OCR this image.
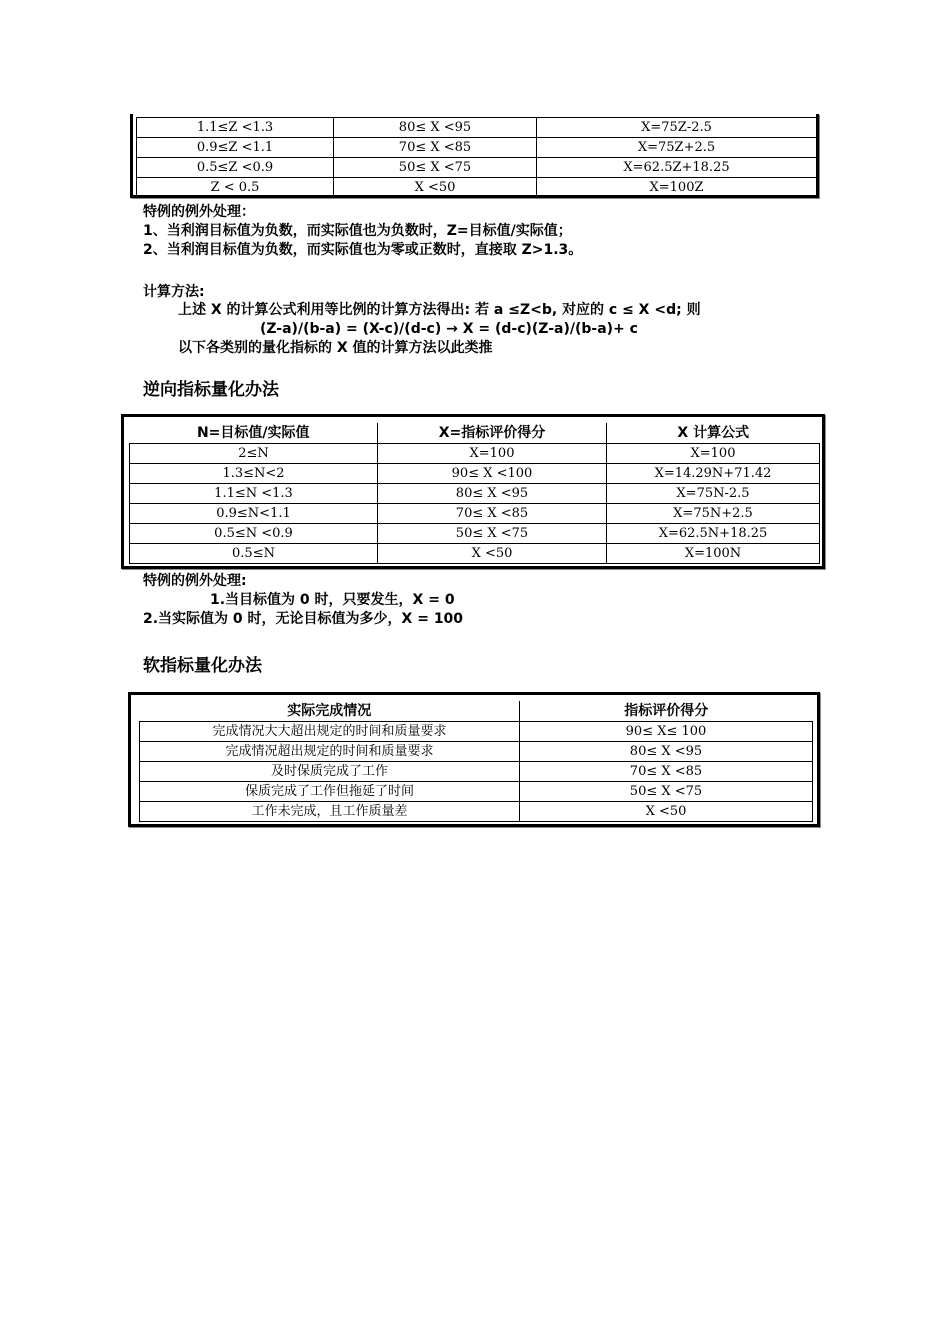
1.1≤Z <1.3	80≤ X <95	X=75Z-2.5
0.9≤Z <1.1	70≤ X <85	X=75Z+2.5
0.5≤Z <0.9	50≤ X <75	X=62.5Z+18.25
Z < 0.5	X <50	X=100Z
特例的例外处理：
1、当利润目标值为负数，而实际值也为负数时，Z=目标值/实际值；
2、当利润目标值为负数，而实际值也为零或正数时，直接取 Z>1.3。
计算方法:
上述 X 的计算公式利用等比例的计算方法得出: 若 a ≤Z<b, 对应的 c ≤ X <d; 则
(Z-a)/(b-a) = (X-c)/(d-c) → X = (d-c)(Z-a)/(b-a)+ c
以下各类别的量化指标的 X 值的计算方法以此类推
逆向指标量化办法
N=目标值/实际值	X=指标评价得分	X 计算公式
2≤N	X=100	X=100
1.3≤N<2	90≤ X <100	X=14.29N+71.42
1.1≤N <1.3	80≤ X <95	X=75N-2.5
0.9≤N<1.1	70≤ X <85	X=75N+2.5
0.5≤N <0.9	50≤ X <75	X=62.5N+18.25
0.5≤N	X <50	X=100N
特例的例外处理:
1.当目标值为 0 时，只要发生，X = 0
2.当实际值为 0 时，无论目标值为多少，X = 100
软指标量化办法
实际完成情况	指标评价得分
完成情况大大超出规定的时间和质量要求	90≤ X≤ 100
完成情况超出规定的时间和质量要求	80≤ X <95
及时保质完成了工作	70≤ X <85
保质完成了工作但拖延了时间	50≤ X <75
工作未完成，且工作质量差	X <50
